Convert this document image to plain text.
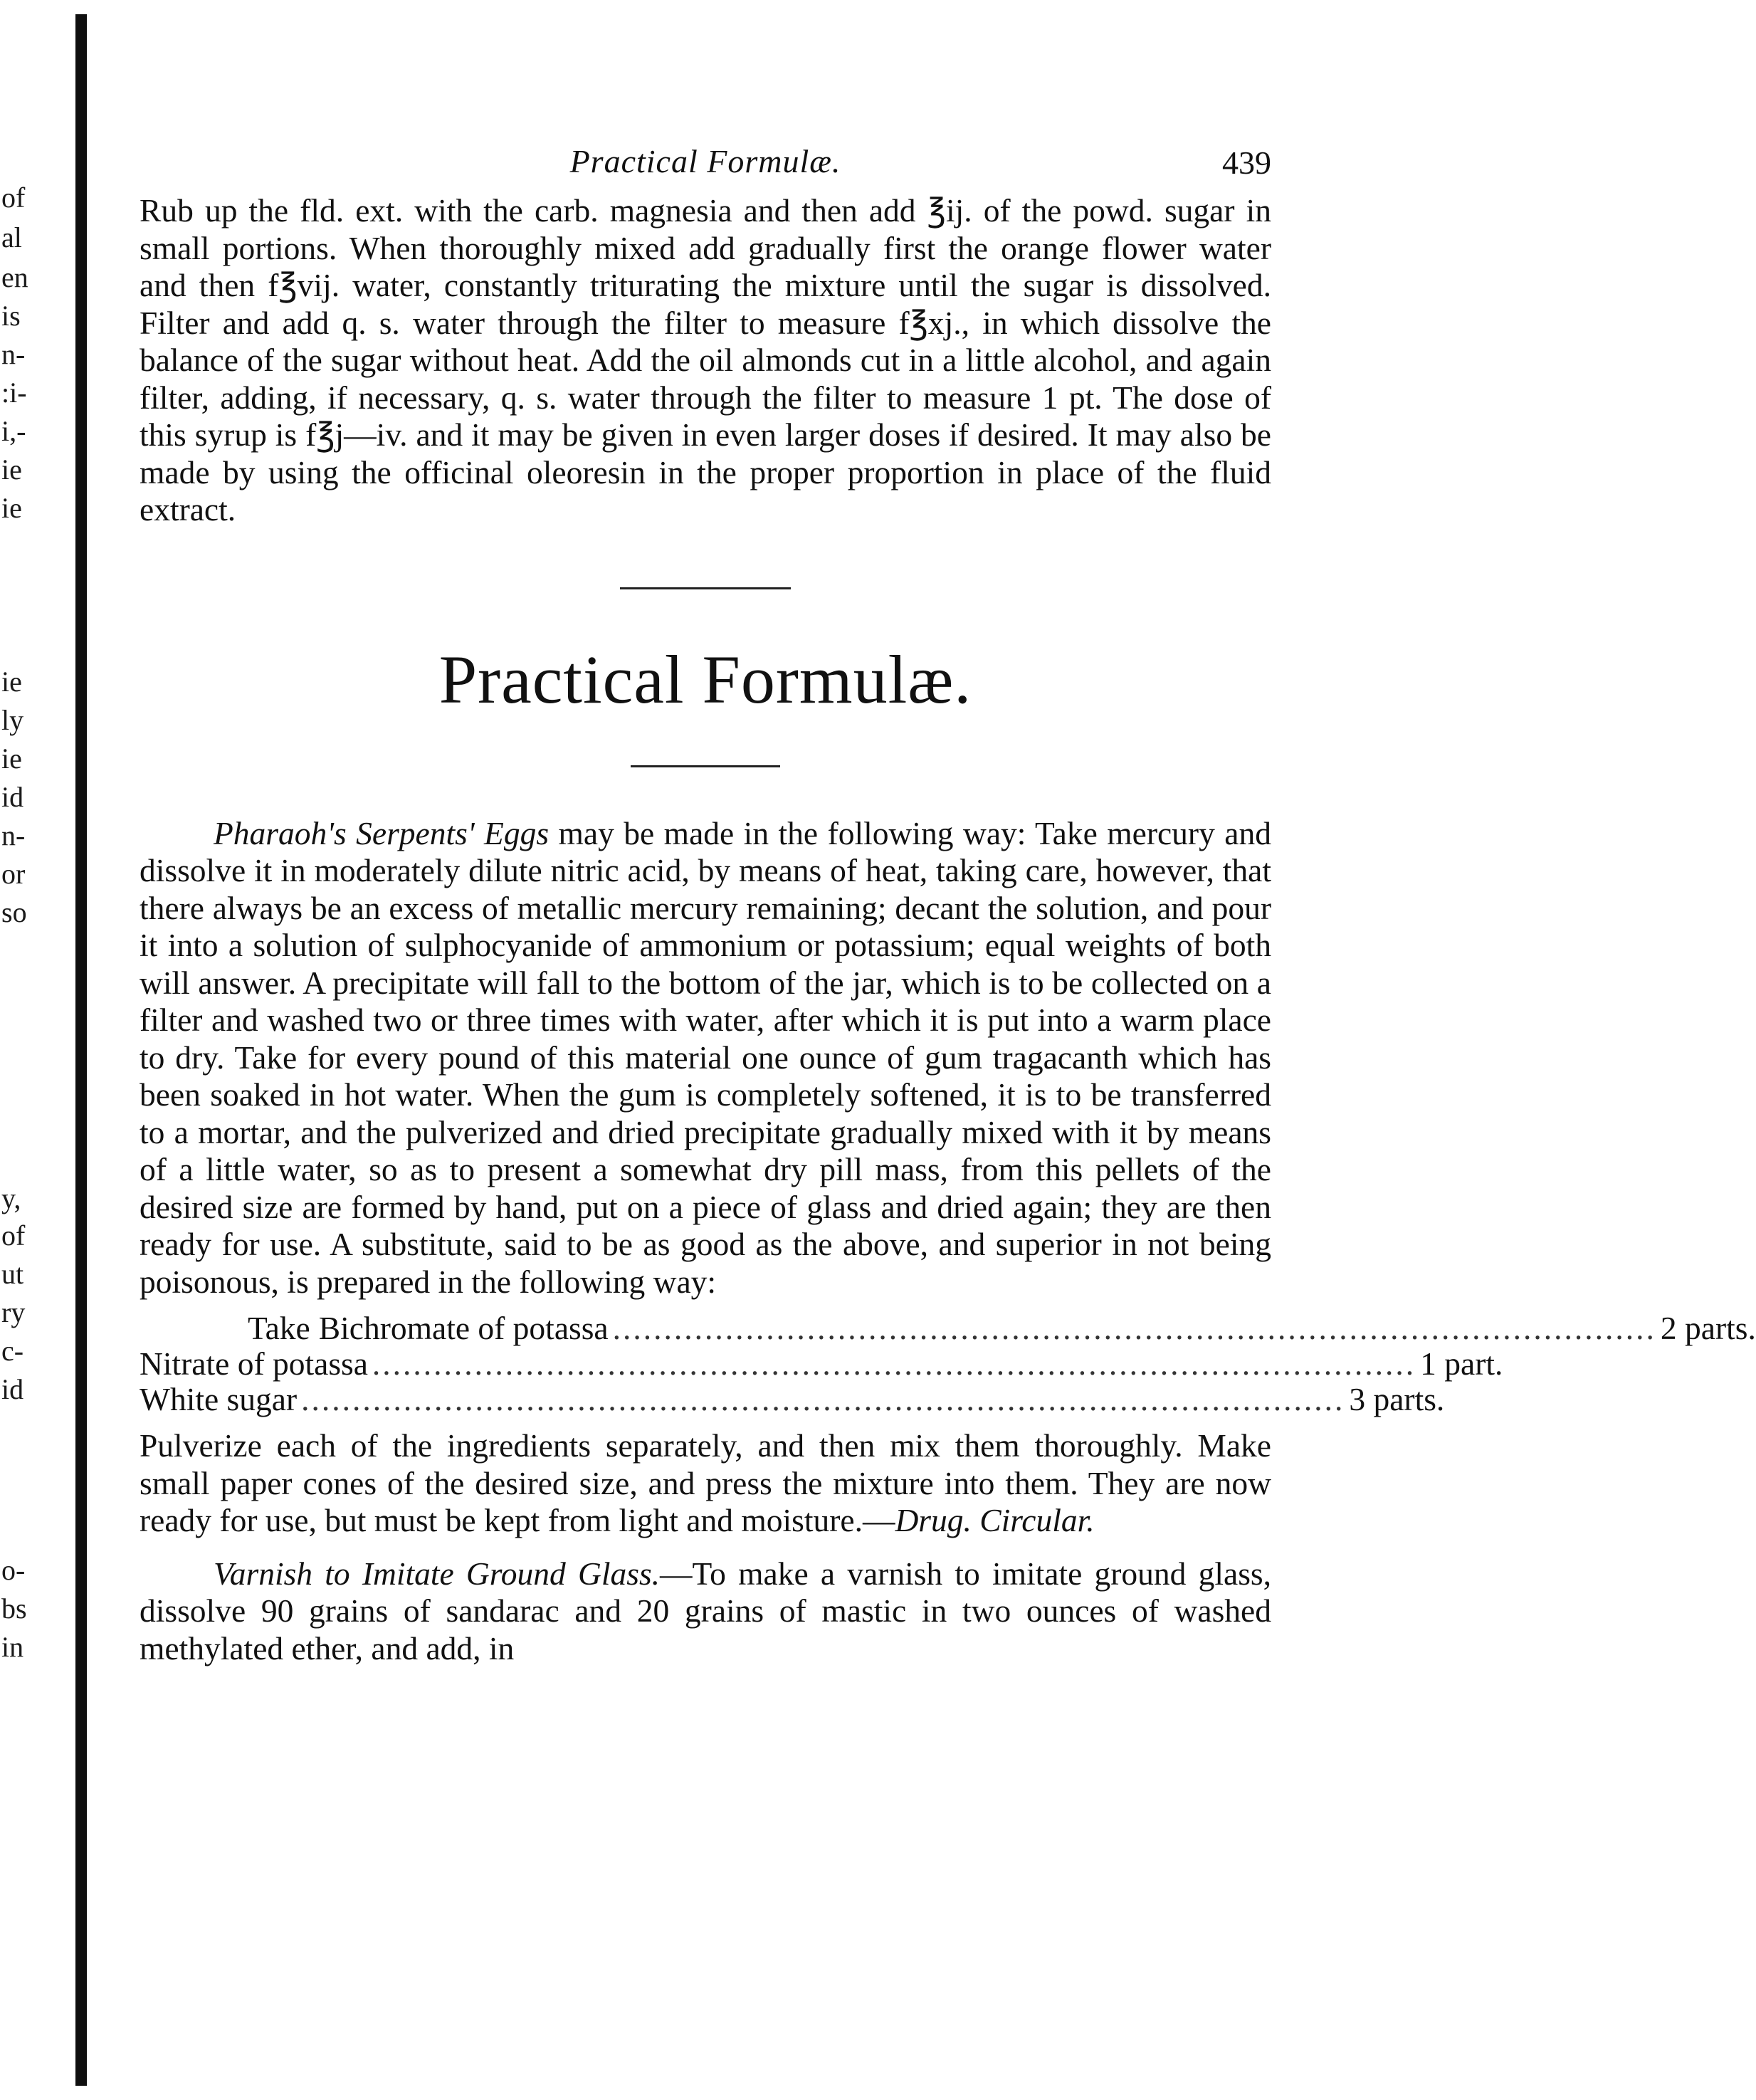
of
al
en
is
n-
:i-
i,-
ie
ie
ie
ly
ie
id
n-
or
so
y,
of
ut
ry
c-
id
o-
bs
in
Practical Formulæ.	439

Rub up the fld. ext. with the carb. magnesia and then add ℥ij. of the powd. sugar in small portions. When thoroughly mixed add gradually first the orange flower water and then f℥vij. water, constantly triturating the mixture until the sugar is dissolved. Filter and add q. s. water through the filter to measure f℥xj., in which dissolve the balance of the sugar without heat. Add the oil almonds cut in a little alcohol, and again filter, adding, if necessary, q. s. water through the filter to measure 1 pt. The dose of this syrup is f℥j—iv. and it may be given in even larger doses if desired. It may also be made by using the officinal oleoresin in the proper proportion in place of the fluid extract.

Practical Formulæ.

Pharaoh's Serpents' Eggs may be made in the following way: Take mercury and dissolve it in moderately dilute nitric acid, by means of heat, taking care, however, that there always be an excess of metallic mercury remaining; decant the solution, and pour it into a solution of sulphocyanide of ammonium or potassium; equal weights of both will answer. A precipitate will fall to the bottom of the jar, which is to be collected on a filter and washed two or three times with water, after which it is put into a warm place to dry. Take for every pound of this material one ounce of gum tragacanth which has been soaked in hot water. When the gum is completely softened, it is to be transferred to a mortar, and the pulverized and dried precipitate gradually mixed with it by means of a little water, so as to present a somewhat dry pill mass, from this pellets of the desired size are formed by hand, put on a piece of glass and dried again; they are then ready for use. A substitute, said to be as good as the above, and superior in not being poisonous, is prepared in the following way:

Take Bichromate of potassa ...................................................................................................... 2 parts.
Nitrate of potassa ...................................................................................................... 1 part.
White sugar ...................................................................................................... 3 parts.

Pulverize each of the ingredients separately, and then mix them thoroughly. Make small paper cones of the desired size, and press the mixture into them. They are now ready for use, but must be kept from light and moisture.—Drug. Circular.

Varnish to Imitate Ground Glass.—To make a varnish to imitate ground glass, dissolve 90 grains of sandarac and 20 grains of mastic in two ounces of washed methylated ether, and add, in
